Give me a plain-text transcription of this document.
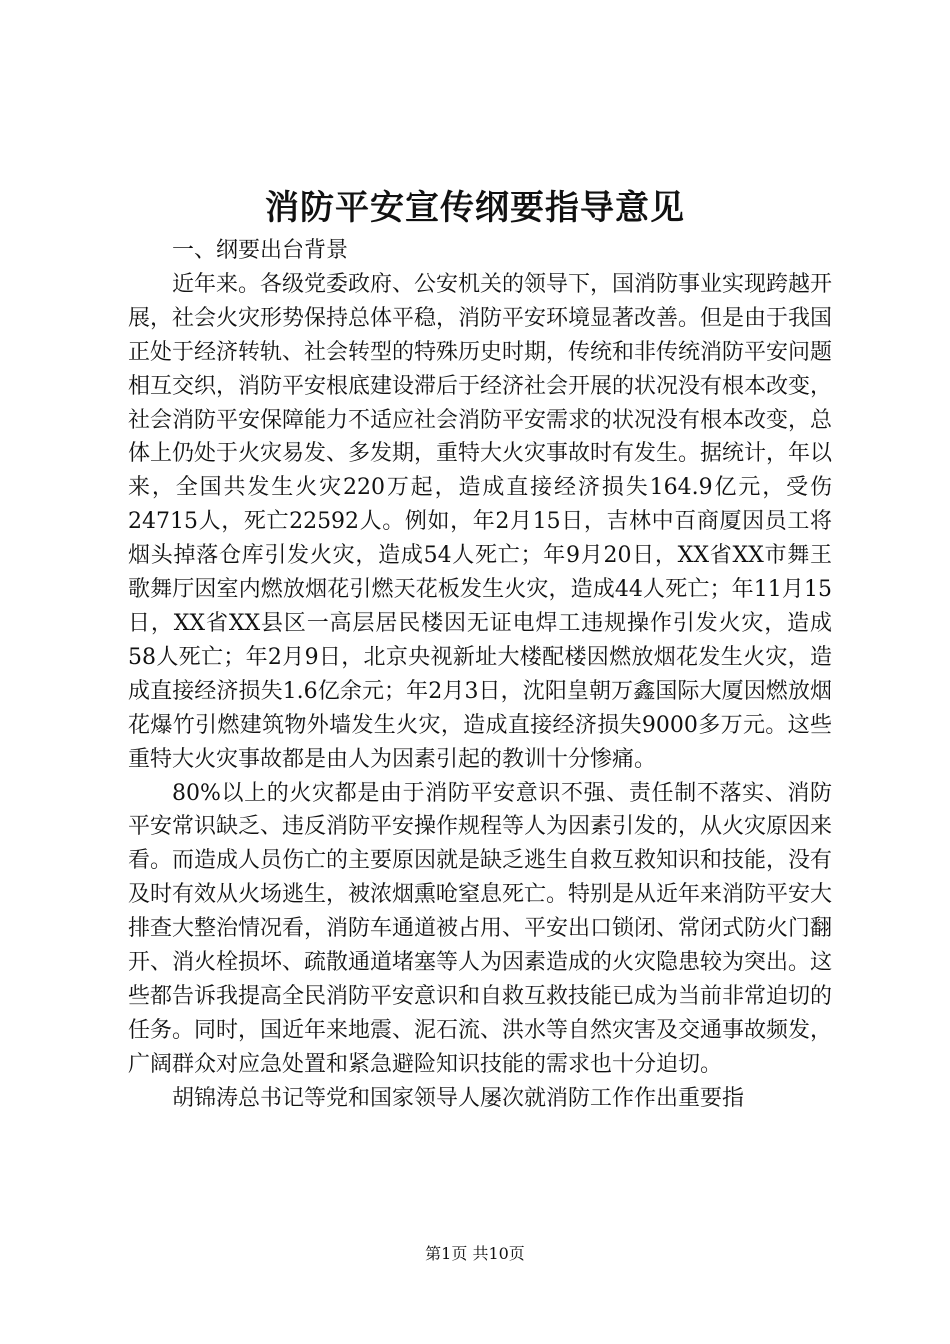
消防平安宣传纲要指导意见

一、纲要出台背景

近年来。各级党委政府、公安机关的领导下，国消防事业实现跨越开展，社会火灾形势保持总体平稳，消防平安环境显著改善。但是由于我国正处于经济转轨、社会转型的特殊历史时期，传统和非传统消防平安问题相互交织，消防平安根底建设滞后于经济社会开展的状况没有根本改变，社会消防平安保障能力不适应社会消防平安需求的状况没有根本改变，总体上仍处于火灾易发、多发期，重特大火灾事故时有发生。据统计，年以来，全国共发生火灾220万起，造成直接经济损失164.9亿元，受伤24715人，死亡22592人。例如，年2月15日，吉林中百商厦因员工将烟头掉落仓库引发火灾，造成54人死亡；年9月20日，XX省XX市舞王歌舞厅因室内燃放烟花引燃天花板发生火灾，造成44人死亡；年11月15日，XX省XX县区一高层居民楼因无证电焊工违规操作引发火灾，造成58人死亡；年2月9日，北京央视新址大楼配楼因燃放烟花发生火灾，造成直接经济损失1.6亿余元；年2月3日，沈阳皇朝万鑫国际大厦因燃放烟花爆竹引燃建筑物外墙发生火灾，造成直接经济损失9000多万元。这些重特大火灾事故都是由人为因素引起的教训十分惨痛。

80%以上的火灾都是由于消防平安意识不强、责任制不落实、消防平安常识缺乏、违反消防平安操作规程等人为因素引发的，从火灾原因来看。而造成人员伤亡的主要原因就是缺乏逃生自救互救知识和技能，没有及时有效从火场逃生，被浓烟熏呛窒息死亡。特别是从近年来消防平安大排查大整治情况看，消防车通道被占用、平安出口锁闭、常闭式防火门翻开、消火栓损坏、疏散通道堵塞等人为因素造成的火灾隐患较为突出。这些都告诉我提高全民消防平安意识和自救互救技能已成为当前非常迫切的任务。同时，国近年来地震、泥石流、洪水等自然灾害及交通事故频发，广阔群众对应急处置和紧急避险知识技能的需求也十分迫切。

胡锦涛总书记等党和国家领导人屡次就消防工作作出重要指

第1页 共10页
